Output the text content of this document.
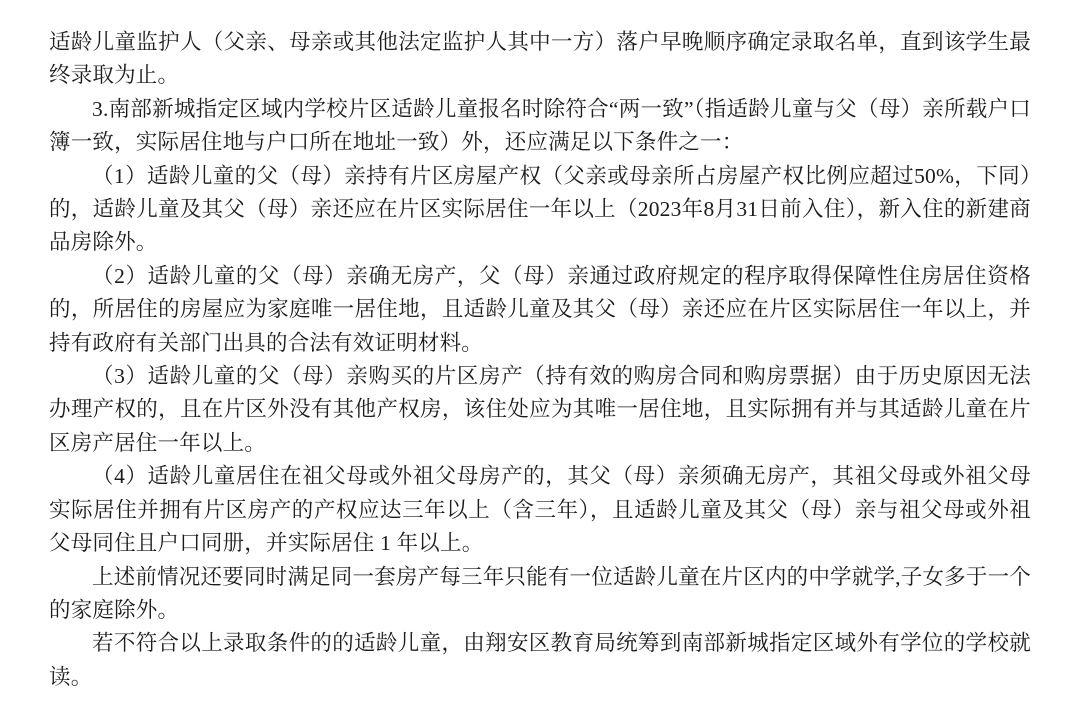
适龄儿童监护人（父亲、母亲或其他法定监护人其中一方）落户早晚顺序确定录取名单，直到该学生最终录取为止。

3.南部新城指定区域内学校片区适龄儿童报名时除符合“两一致”（指适龄儿童与父（母）亲所载户口簿一致，实际居住地与户口所在地址一致）外，还应满足以下条件之一：

（1）适龄儿童的父（母）亲持有片区房屋产权（父亲或母亲所占房屋产权比例应超过50%，下同）的，适龄儿童及其父（母）亲还应在片区实际居住一年以上（2023年8月31日前入住），新入住的新建商品房除外。

（2）适龄儿童的父（母）亲确无房产，父（母）亲通过政府规定的程序取得保障性住房居住资格的，所居住的房屋应为家庭唯一居住地，且适龄儿童及其父（母）亲还应在片区实际居住一年以上，并持有政府有关部门出具的合法有效证明材料。

（3）适龄儿童的父（母）亲购买的片区房产（持有效的购房合同和购房票据）由于历史原因无法 办理产权的，且在片区外没有其他产权房，该住处应为其唯一居住地，且实际拥有并与其适龄儿童在片区房产居住一年以上。

（4）适龄儿童居住在祖父母或外祖父母房产的，其父（母）亲须确无房产，其祖父母或外祖父母实际居住并拥有片区房产的产权应达三年以上（含三年），且适龄儿童及其父（母）亲与祖父母或外祖父母同住且户口同册，并实际居住 1 年以上。

上述前情况还要同时满足同一套房产每三年只能有一位适龄儿童在片区内的中学就学,子女多于一个的家庭除外。

若不符合以上录取条件的的适龄儿童，由翔安区教育局统筹到南部新城指定区域外有学位的学校就读。
